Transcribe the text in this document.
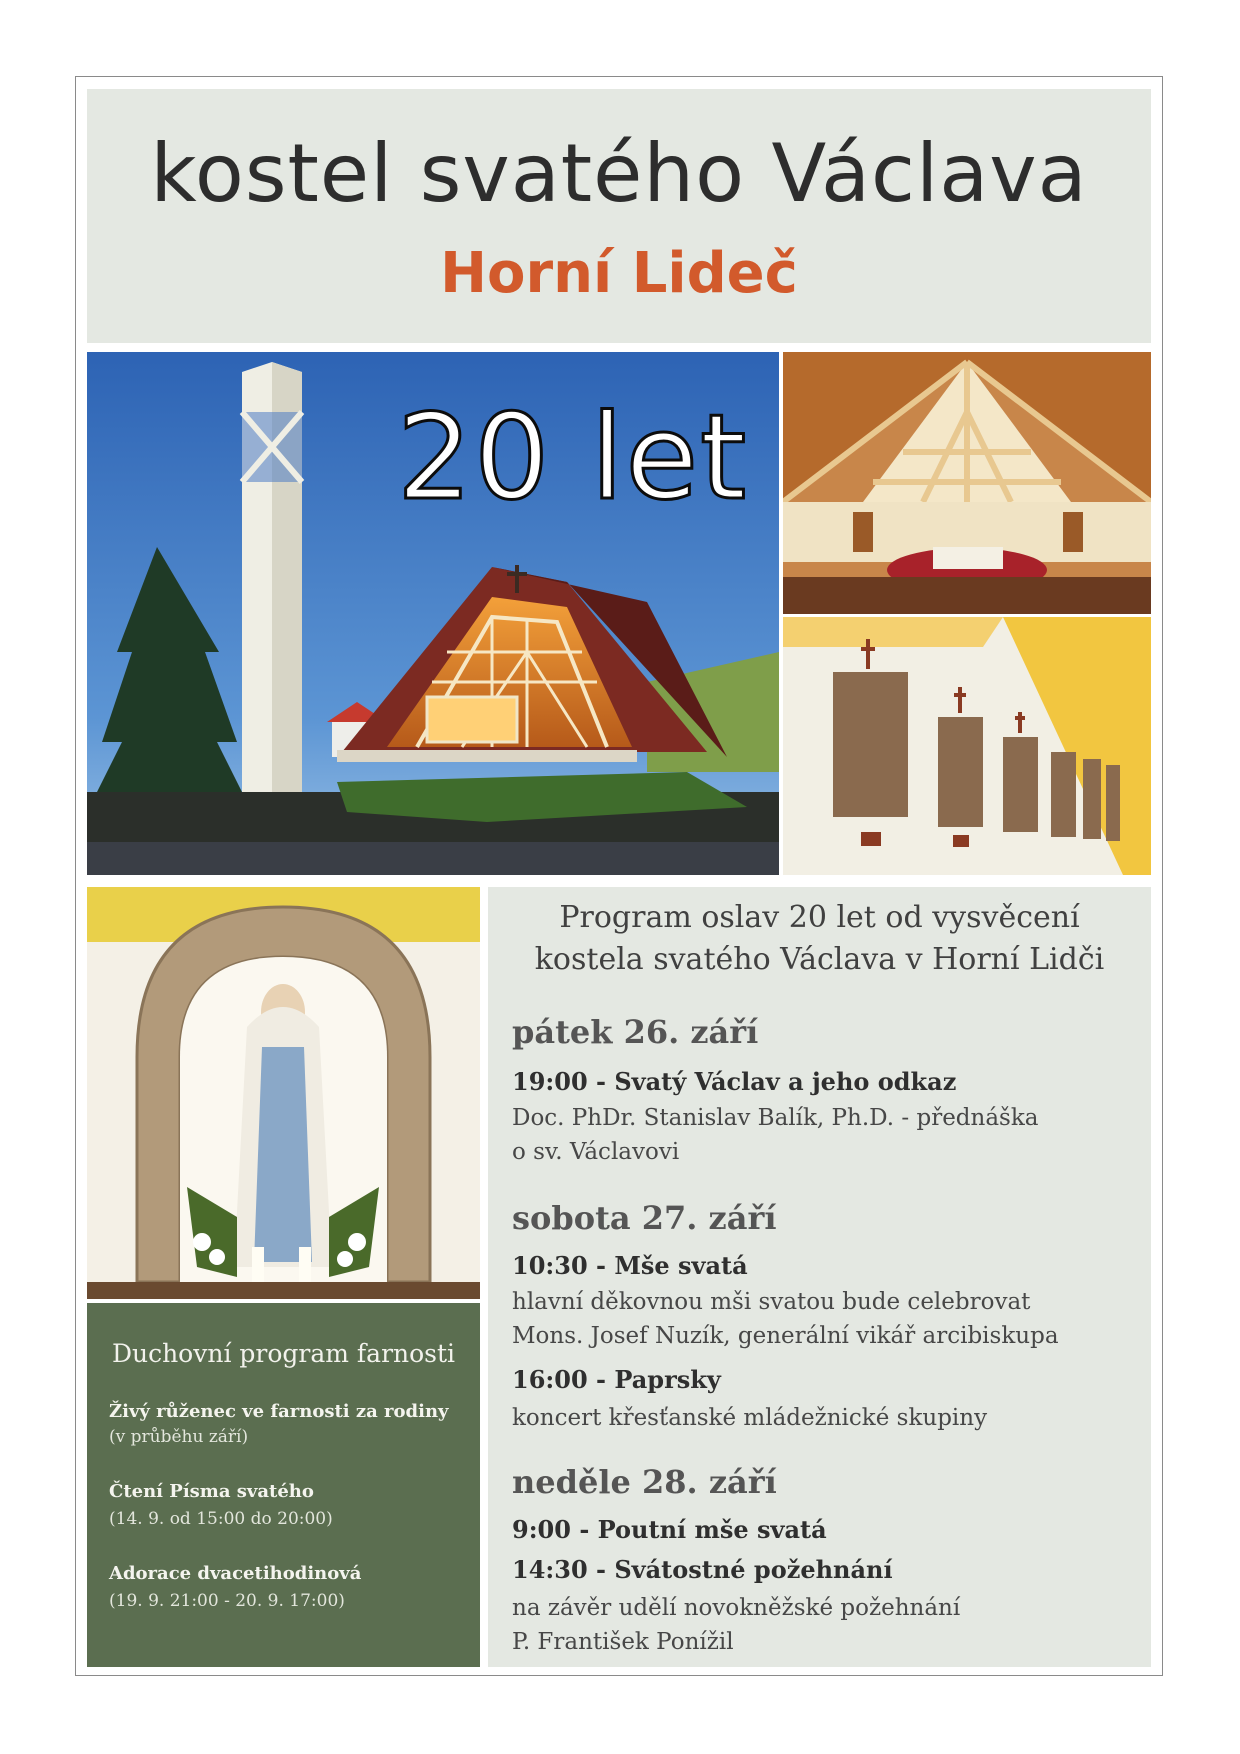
kostel svatého Václava
Horní Lideč
20 let
Program oslav 20 let od vysvěcení
kostela svatého Václava v Horní Lidči
pátek 26. září
19:00 - Svatý Václav a jeho odkaz
Doc. PhDr. Stanislav Balík, Ph.D. - přednáška
o sv. Václavovi
sobota 27. září
10:30 - Mše svatá
hlavní děkovnou mši svatou bude celebrovat
Mons. Josef Nuzík, generální vikář arcibiskupa
16:00 - Paprsky
koncert křesťanské mládežnické skupiny
neděle 28. září
9:00 - Poutní mše svatá
14:30 - Svátostné požehnání
na závěr udělí novokněžské požehnání
P. František Ponížil
Duchovní program farnosti
Živý růženec ve farnosti za rodiny
(v průběhu září)
Čtení Písma svatého
(14. 9. od 15:00 do 20:00)
Adorace dvacetihodinová
(19. 9. 21:00 - 20. 9. 17:00)
